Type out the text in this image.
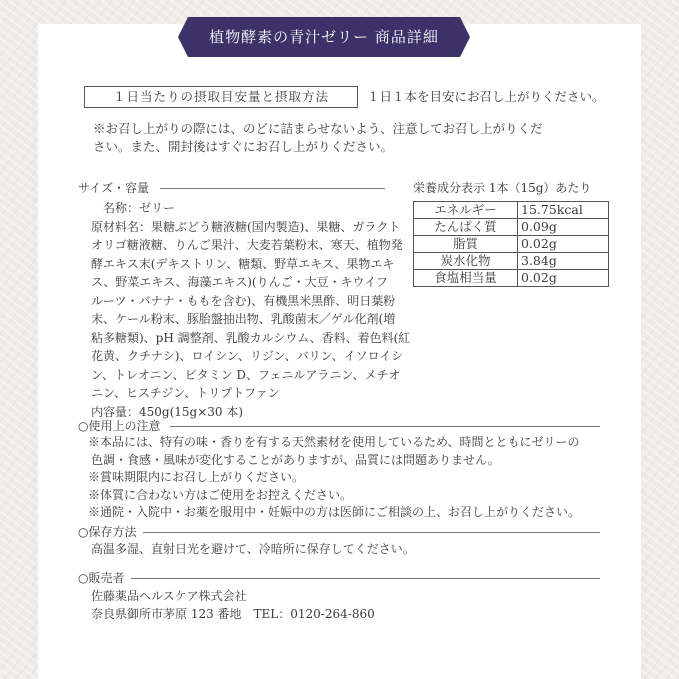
植物酵素の青汁ゼリー 商品詳細
１日当たりの摂取目安量と摂取方法	１日１本を目安にお召し上がりください。
※お召し上がりの際には、のどに詰まらせないよう、注意してお召し上がりくだ
さい。また、開封後はすぐにお召し上がりください。
サイズ・容量
名称：ゼリー
原材料名：果糖ぶどう糖液糖(国内製造)、果糖、ガラクト
オリゴ糖液糖、りんご果汁、大麦若葉粉末、寒天、植物発
酵エキス末(デキストリン、糖類、野草エキス、果物エキ
ス、野菜エキス、海藻エキス)(りんご・大豆・キウイフ
ルーツ・バナナ・ももを含む)、有機黒米黒酢、明日葉粉
末、ケール粉末、豚胎盤抽出物、乳酸菌末／ゲル化剤(増
粘多糖類)、pH 調整剤、乳酸カルシウム、香料、着色料(紅
花黄、クチナシ)、ロイシン、リジン、バリン、イソロイシ
ン、トレオニン、ビタミン D、フェニルアラニン、メチオ
ニン、ヒスチジン、トリプトファン
内容量：450g(15g×30 本)
栄養成分表示 1本（15g）あたり
エネルギー	15.75kcal
たんぱく質	0.09g
脂質	0.02g
炭水化物	3.84g
食塩相当量	0.02g
○使用上の注意
※本品には、特有の味・香りを有する天然素材を使用しているため、時間とともにゼリーの
色調・食感・風味が変化することがありますが、品質には問題ありません。
※賞味期限内にお召し上がりください。
※体質に合わない方はご使用をお控えください。
※通院・入院中・お薬を服用中・妊娠中の方は医師にご相談の上、お召し上がりください。
○保存方法
高温多湿、直射日光を避けて、冷暗所に保存してください。
○販売者
佐藤薬品ヘルスケア株式会社
奈良県御所市茅原 123 番地　TEL：0120-264-860
